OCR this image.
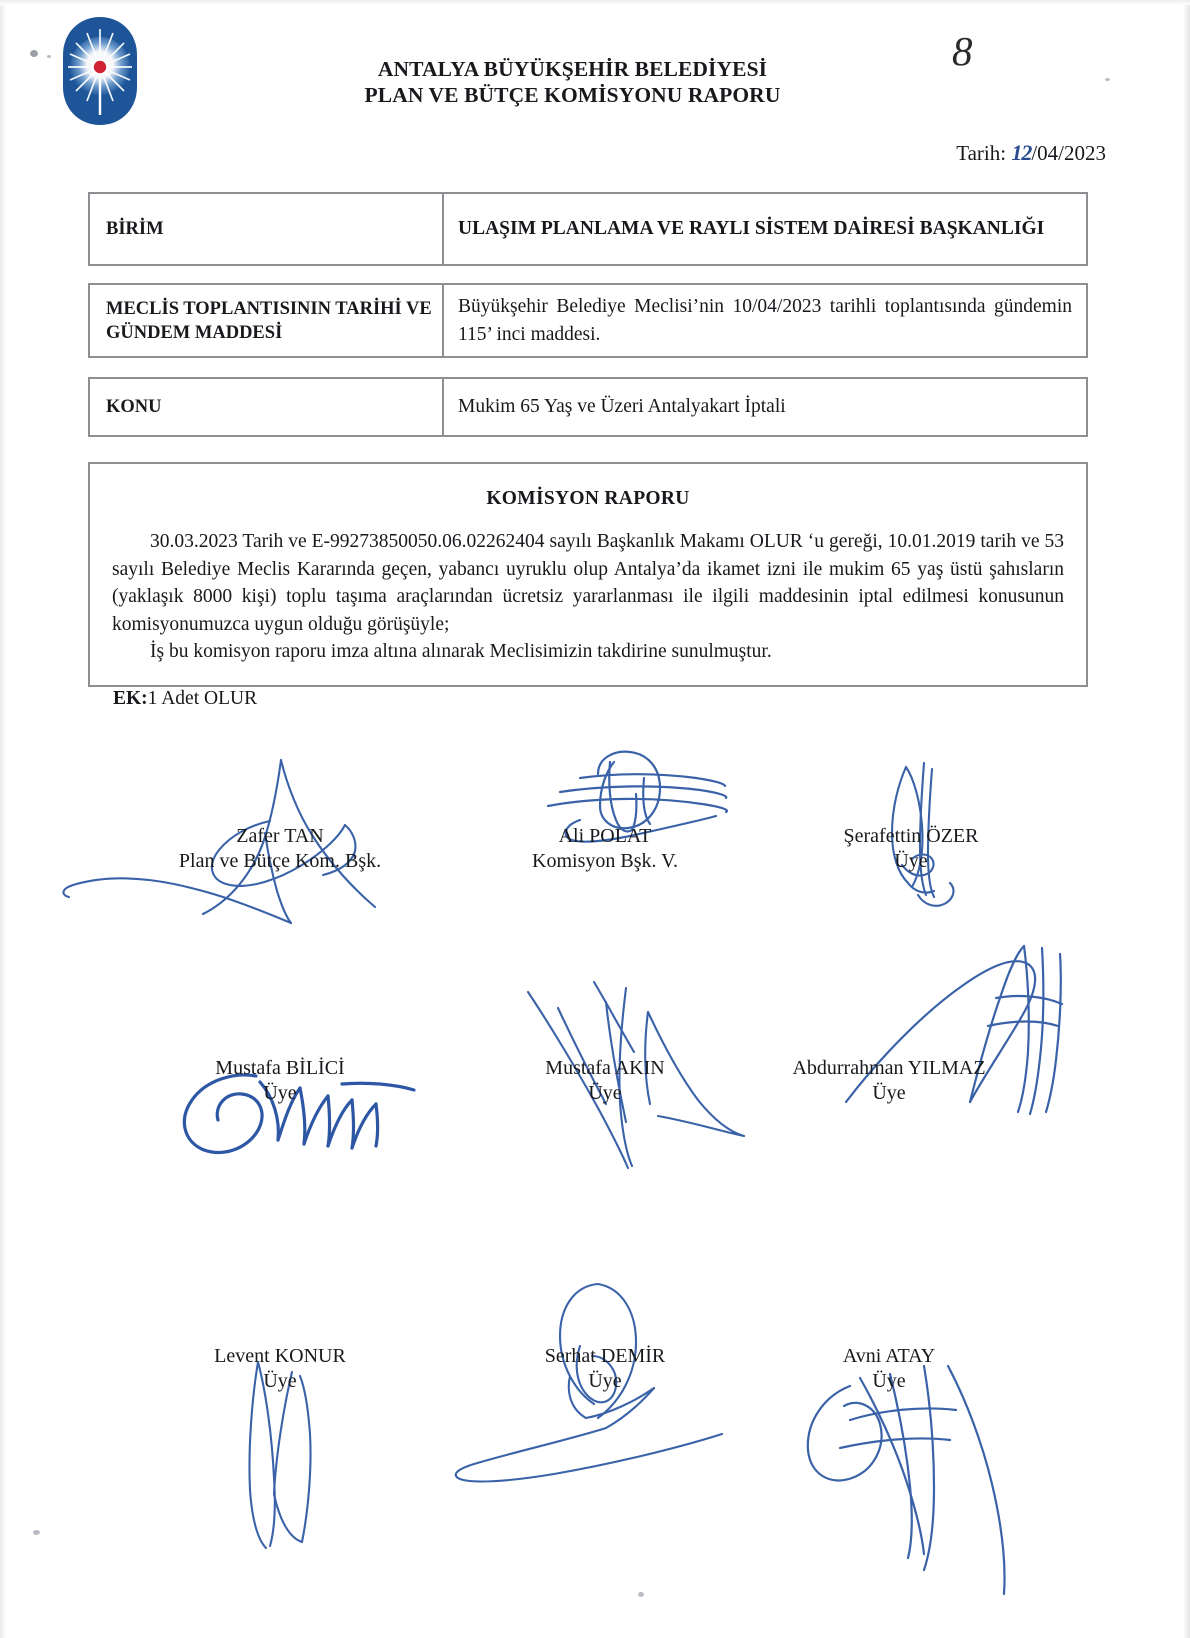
8
ANTALYA BÜYÜKŞEHİR BELEDİYESİ
PLAN VE BÜTÇE KOMİSYONU RAPORU
Tarih: 12/04/2023
BİRİM	ULAŞIM PLANLAMA VE RAYLI SİSTEM DAİRESİ BAŞKANLIĞI
MECLİS TOPLANTISININ TARİHİ VE GÜNDEM MADDESİ
Büyükşehir Belediye Meclisi’nin 10/04/2023 tarihli toplantısında gündemin 115’ inci maddesi.
KONU	Mukim 65 Yaş ve Üzeri Antalyakart İptali
KOMİSYON RAPORU
30.03.2023 Tarih ve E-99273850050.06.02262404 sayılı Başkanlık Makamı OLUR ‘u gereği, 10.01.2019 tarih ve 53 sayılı Belediye Meclis Kararında geçen, yabancı uyruklu olup Antalya’da ikamet izni ile mukim 65 yaş üstü şahısların (yaklaşık 8000 kişi) toplu taşıma araçlarından ücretsiz yararlanması ile ilgili maddesinin iptal edilmesi konusunun komisyonumuzca uygun olduğu görüşüyle;
İş bu komisyon raporu imza altına alınarak Meclisimizin takdirine sunulmuştur.
EK:1 Adet OLUR
Zafer TAN
Plan ve Bütçe Kom. Bşk.
Ali POLAT
Komisyon Bşk. V.
Şerafettin ÖZER
Üye
Mustafa BİLİCİ
Üye
Mustafa AKIN
Üye
Abdurrahman YILMAZ
Üye
Levent KONUR
Üye
Serhat DEMİR
Üye
Avni ATAY
Üye
